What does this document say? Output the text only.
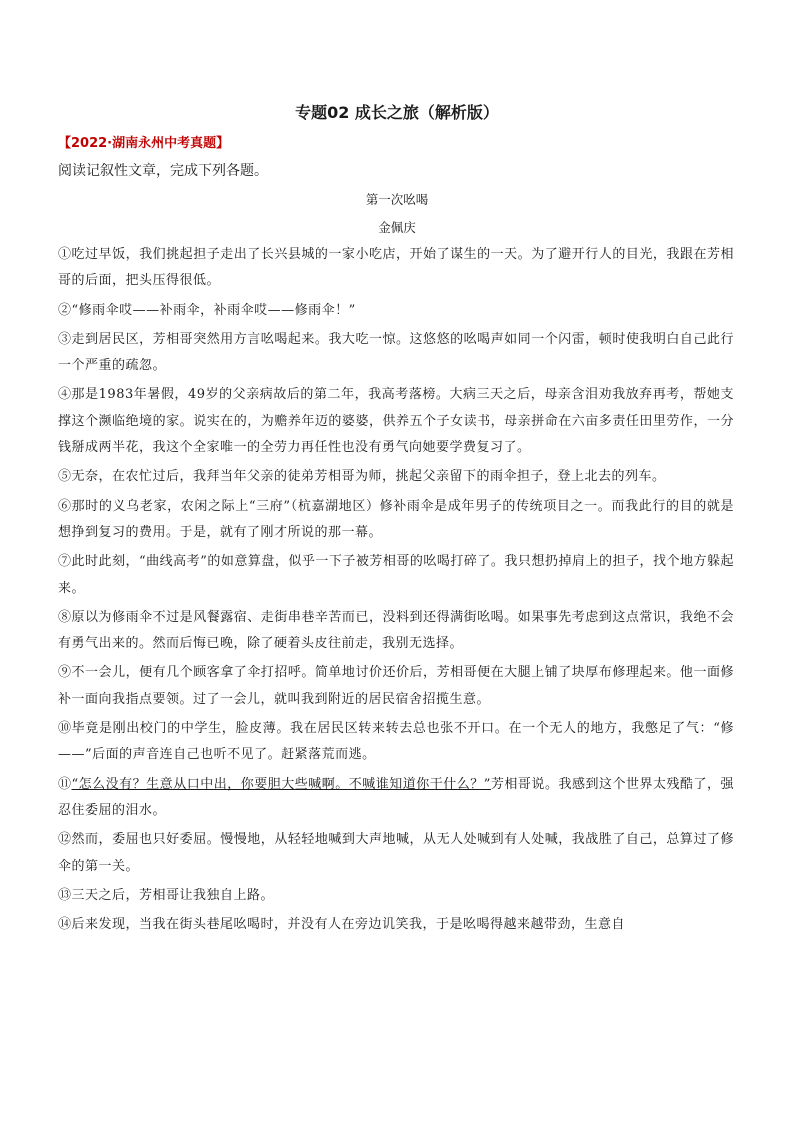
专题02 成长之旅（解析版）
【2022·湖南永州中考真题】
阅读记叙性文章，完成下列各题。
第一次吆喝
金佩庆

①吃过早饭，我们挑起担子走出了长兴县城的一家小吃店，开始了谋生的一天。为了避开行人的目光，我跟在芳相哥的后面，把头压得很低。

②“修雨伞哎——补雨伞，补雨伞哎——修雨伞！”

③走到居民区，芳相哥突然用方言吆喝起来。我大吃一惊。这悠悠的吆喝声如同一个闪雷，顿时使我明白自己此行一个严重的疏忽。

④那是1983年暑假，49岁的父亲病故后的第二年，我高考落榜。大病三天之后，母亲含泪劝我放弃再考，帮她支撑这个濒临绝境的家。说实在的，为赡养年迈的婆婆，供养五个子女读书，母亲拼命在六亩多责任田里劳作，一分钱掰成两半花，我这个全家唯一的全劳力再任性也没有勇气向她要学费复习了。

⑤无奈，在农忙过后，我拜当年父亲的徒弟芳相哥为师，挑起父亲留下的雨伞担子，登上北去的列车。

⑥那时的义乌老家，农闲之际上“三府”（杭嘉湖地区）修补雨伞是成年男子的传统项目之一。而我此行的目的就是想挣到复习的费用。于是，就有了刚才所说的那一幕。

⑦此时此刻，“曲线高考”的如意算盘，似乎一下子被芳相哥的吆喝打碎了。我只想扔掉肩上的担子，找个地方躲起来。

⑧原以为修雨伞不过是风餐露宿、走街串巷辛苦而已，没料到还得满街吆喝。如果事先考虑到这点常识，我绝不会有勇气出来的。然而后悔已晚，除了硬着头皮往前走，我别无选择。

⑨不一会儿，便有几个顾客拿了伞打招呼。简单地讨价还价后，芳相哥便在大腿上铺了块厚布修理起来。他一面修补一面向我指点要领。过了一会儿，就叫我到附近的居民宿舍招揽生意。

⑩毕竟是刚出校门的中学生，脸皮薄。我在居民区转来转去总也张不开口。在一个无人的地方，我憋足了气：“修——”后面的声音连自己也听不见了。赶紧落荒而逃。

⑪“怎么没有？生意从口中出，你要胆大些喊啊。不喊谁知道你干什么？”芳相哥说。我感到这个世界太残酷了，强忍住委屈的泪水。

⑫然而，委屈也只好委屈。慢慢地，从轻轻地喊到大声地喊，从无人处喊到有人处喊，我战胜了自己，总算过了修伞的第一关。

⑬三天之后，芳相哥让我独自上路。

⑭后来发现，当我在街头巷尾吆喝时，并没有人在旁边讥笑我，于是吆喝得越来越带劲，生意自
